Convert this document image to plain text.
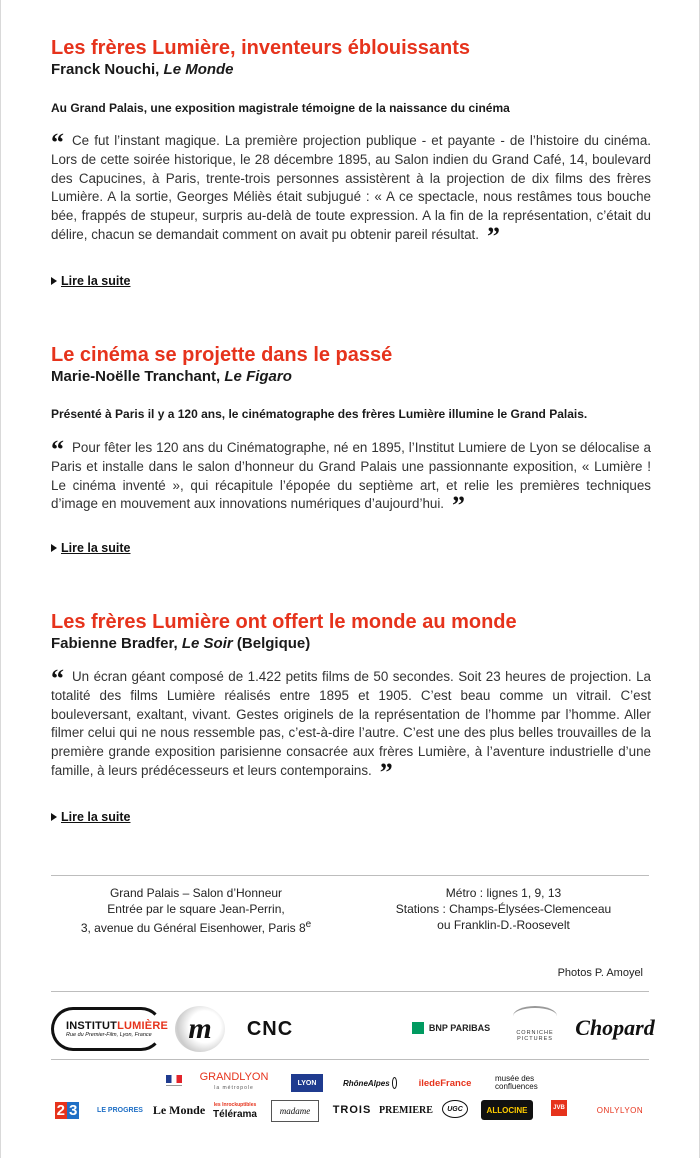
Les frères Lumière, inventeurs éblouissants

Franck Nouchi, Le Monde

Au Grand Palais, une exposition magistrale témoigne de la naissance du cinéma

“ Ce fut l’instant magique. La première projection publique - et payante - de l’histoire du cinéma. Lors de cette soirée historique, le 28 décembre 1895, au Salon indien du Grand Café, 14, boulevard des Capucines, à Paris, trente-trois personnes assistèrent à la projection de dix films des frères Lumière. A la sortie, Georges Méliès était subjugué : « A ce spectacle, nous restâmes tous bouche bée, frappés de stupeur, surpris au-delà de toute expression. A la fin de la représentation, c’était du délire, chacun se demandait comment on avait pu obtenir pareil résultat. ”

Lire la suite
Le cinéma se projette dans le passé

Marie-Noëlle Tranchant, Le Figaro

Présenté à Paris il y a 120 ans, le cinématographe des frères Lumière illumine le Grand Palais.

“ Pour fêter les 120 ans du Cinématographe, né en 1895, l’Institut Lumiere de Lyon se délocalise a Paris et installe dans le salon d’honneur du Grand Palais une passionnante exposition, « Lumière ! Le cinéma inventé », qui récapitule l’épopée du septième art, et relie les premières techniques d’image en mouvement aux innovations numériques d’aujourd’hui. ”

Lire la suite
Les frères Lumière ont offert le monde au monde

Fabienne Bradfer, Le Soir (Belgique)

“ Un écran géant composé de 1.422 petits films de 50 secondes. Soit 23 heures de projection. La totalité des films Lumière réalisés entre 1895 et 1905. C’est beau comme un vitrail. C’est bouleversant, exaltant, vivant. Gestes originels de la représentation de l’homme par l’homme. Aller filmer celui qui ne nous ressemble pas, c’est-à-dire l’autre. C’est une des plus belles trouvailles de la première grande exposition parisienne consacrée aux frères Lumière, à l’aventure industrielle d’une famille, à leurs prédécesseurs et leurs contemporains. ”

Lire la suite
Grand Palais – Salon d’Honneur
Entrée par le square Jean-Perrin,
3, avenue du Général Eisenhower, Paris 8e
Métro : lignes 1, 9, 13
Stations : Champs-Élysées-Clemenceau
ou Franklin-D.-Roosevelt
Photos P. Amoyel
INSTITUTLUMIÈRE
Rue du Premier-Film, Lyon, France	m	CNC	BNP PARIBAS	CORNICHE
PICTURES Chopard
GRANDLYON
la métropole
LYON	RhôneAlpes	iledeFrance	musée des
confluences
2 3	LE PROGRES Le Monde les Inrockuptibles
Télérama	madame	TROIS PREMIERE	UGC	ALLOCINE	JVB	ONLYLYON
